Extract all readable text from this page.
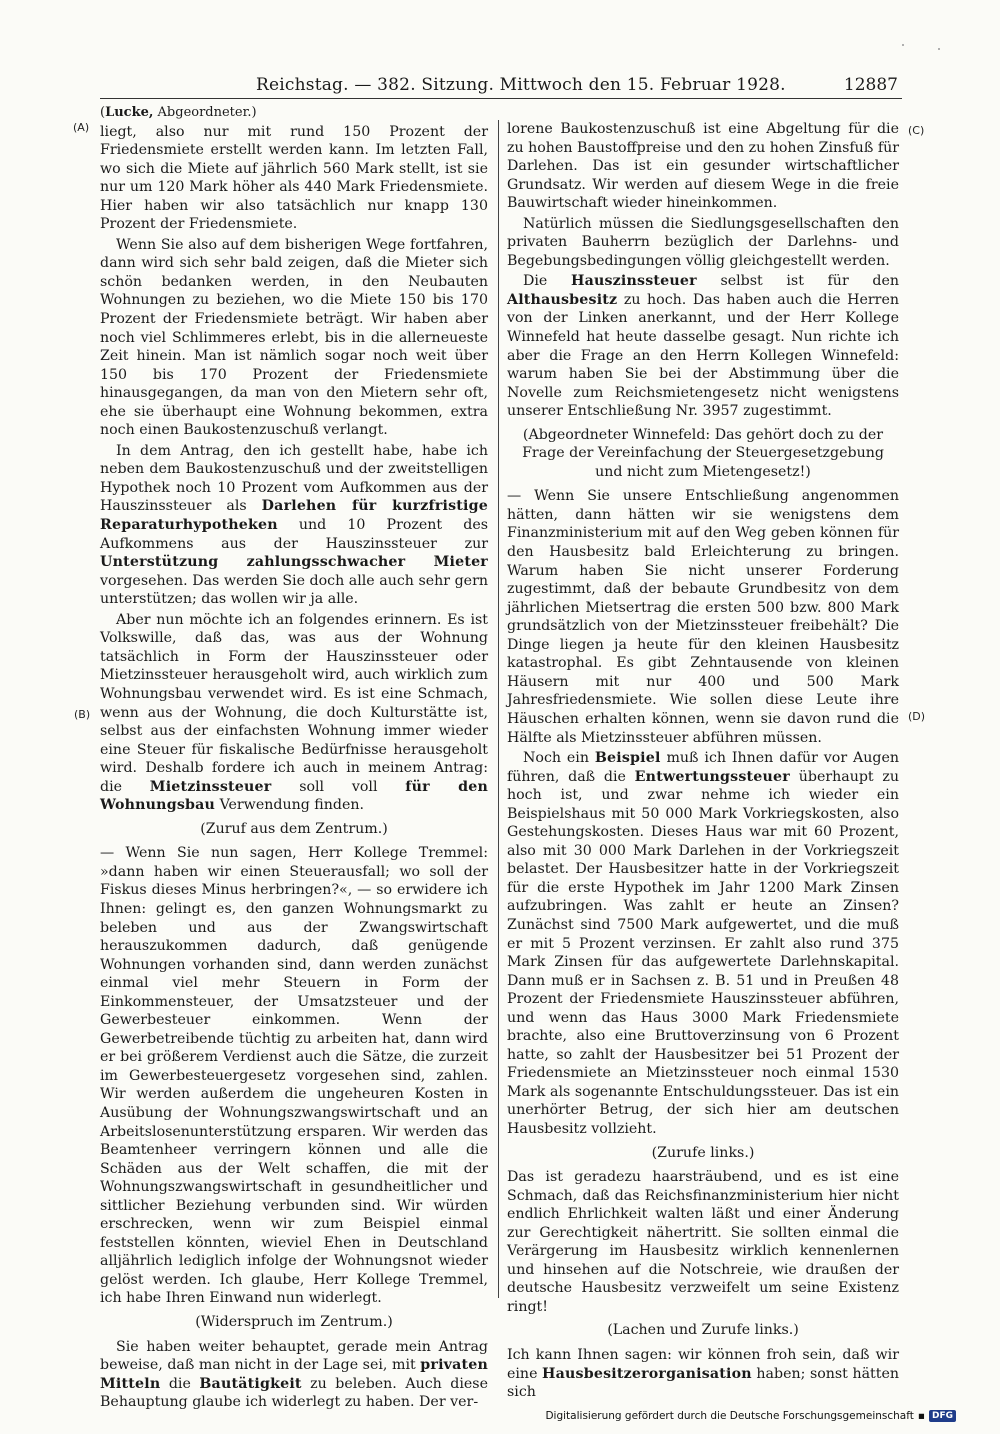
Reichstag. — 382. Sitzung. Mittwoch den 15. Februar 1928.	12887
(A)
(B)
(C)
(D)

(Lucke, Abgeordneter.)

liegt, also nur mit rund 150 Prozent der Friedensmiete erstellt werden kann. Im letzten Fall, wo sich die Miete auf jährlich 560 Mark stellt, ist sie nur um 120 Mark höher als 440 Mark Friedensmiete. Hier haben wir also tatsächlich nur knapp 130 Prozent der Friedensmiete.

Wenn Sie also auf dem bisherigen Wege fortfahren, dann wird sich sehr bald zeigen, daß die Mieter sich schön bedanken werden, in den Neubauten Wohnungen zu beziehen, wo die Miete 150 bis 170 Prozent der Friedensmiete beträgt. Wir haben aber noch viel Schlimmeres erlebt, bis in die allerneueste Zeit hinein. Man ist nämlich sogar noch weit über 150 bis 170 Prozent der Friedensmiete hinausgegangen, da man von den Mietern sehr oft, ehe sie überhaupt eine Wohnung bekommen, extra noch einen Baukostenzuschuß verlangt.

In dem Antrag, den ich gestellt habe, habe ich neben dem Baukostenzuschuß und der zweitstelligen Hypothek noch 10 Prozent vom Aufkommen aus der Hauszinssteuer als Darlehen für kurzfristige Reparaturhypotheken und 10 Prozent des Aufkommens aus der Hauszinssteuer zur Unterstützung zahlungsschwacher Mieter vorgesehen. Das werden Sie doch alle auch sehr gern unterstützen; das wollen wir ja alle.

Aber nun möchte ich an folgendes erinnern. Es ist Volkswille, daß das, was aus der Wohnung tatsächlich in Form der Hauszinssteuer oder Mietzinssteuer herausgeholt wird, auch wirklich zum Wohnungsbau verwendet wird. Es ist eine Schmach, wenn aus der Wohnung, die doch Kulturstätte ist, selbst aus der einfachsten Wohnung immer wieder eine Steuer für fiskalische Bedürfnisse herausgeholt wird. Deshalb fordere ich auch in meinem Antrag: die Mietzinssteuer soll voll für den Wohnungsbau Verwendung finden.

(Zuruf aus dem Zentrum.)

— Wenn Sie nun sagen, Herr Kollege Tremmel: »dann haben wir einen Steuerausfall; wo soll der Fiskus dieses Minus herbringen?«, — so erwidere ich Ihnen: gelingt es, den ganzen Wohnungsmarkt zu beleben und aus der Zwangswirtschaft herauszukommen dadurch, daß genügende Wohnungen vorhanden sind, dann werden zunächst einmal viel mehr Steuern in Form der Einkommensteuer, der Umsatzsteuer und der Gewerbesteuer einkommen. Wenn der Gewerbetreibende tüchtig zu arbeiten hat, dann wird er bei größerem Verdienst auch die Sätze, die zurzeit im Gewerbesteuergesetz vorgesehen sind, zahlen. Wir werden außerdem die ungeheuren Kosten in Ausübung der Wohnungszwangswirtschaft und an Arbeitslosenunterstützung ersparen. Wir werden das Beamtenheer verringern können und alle die Schäden aus der Welt schaffen, die mit der Wohnungszwangswirtschaft in gesundheitlicher und sittlicher Beziehung verbunden sind. Wir würden erschrecken, wenn wir zum Beispiel einmal feststellen könnten, wieviel Ehen in Deutschland alljährlich lediglich infolge der Wohnungsnot wieder gelöst werden. Ich glaube, Herr Kollege Tremmel, ich habe Ihren Einwand nun widerlegt.

(Widerspruch im Zentrum.)

Sie haben weiter behauptet, gerade mein Antrag beweise, daß man nicht in der Lage sei, mit privaten Mitteln die Bautätigkeit zu beleben. Auch diese Behauptung glaube ich widerlegt zu haben. Der ver-

lorene Baukostenzuschuß ist eine Abgeltung für die zu hohen Baustoffpreise und den zu hohen Zinsfuß für Darlehen. Das ist ein gesunder wirtschaftlicher Grundsatz. Wir werden auf diesem Wege in die freie Bauwirtschaft wieder hineinkommen.

Natürlich müssen die Siedlungsgesellschaften den privaten Bauherrn bezüglich der Darlehns- und Begebungsbedingungen völlig gleichgestellt werden.

Die Hauszinssteuer selbst ist für den Althausbesitz zu hoch. Das haben auch die Herren von der Linken anerkannt, und der Herr Kollege Winnefeld hat heute dasselbe gesagt. Nun richte ich aber die Frage an den Herrn Kollegen Winnefeld: warum haben Sie bei der Abstimmung über die Novelle zum Reichsmietengesetz nicht wenigstens unserer Entschließung Nr. 3957 zugestimmt.

(Abgeordneter Winnefeld: Das gehört doch zu der Frage der Vereinfachung der Steuergesetzgebung und nicht zum Mietengesetz!)

— Wenn Sie unsere Entschließung angenommen hätten, dann hätten wir sie wenigstens dem Finanzministerium mit auf den Weg geben können für den Hausbesitz bald Erleichterung zu bringen. Warum haben Sie nicht unserer Forderung zugestimmt, daß der bebaute Grundbesitz von dem jährlichen Mietsertrag die ersten 500 bzw. 800 Mark grundsätzlich von der Mietzinssteuer freibehält? Die Dinge liegen ja heute für den kleinen Hausbesitz katastrophal. Es gibt Zehntausende von kleinen Häusern mit nur 400 und 500 Mark Jahresfriedensmiete. Wie sollen diese Leute ihre Häuschen erhalten können, wenn sie davon rund die Hälfte als Mietzinssteuer abführen müssen.

Noch ein Beispiel muß ich Ihnen dafür vor Augen führen, daß die Entwertungssteuer überhaupt zu hoch ist, und zwar nehme ich wieder ein Beispielshaus mit 50 000 Mark Vorkriegskosten, also Gestehungskosten. Dieses Haus war mit 60 Prozent, also mit 30 000 Mark Darlehen in der Vorkriegszeit belastet. Der Hausbesitzer hatte in der Vorkriegszeit für die erste Hypothek im Jahr 1200 Mark Zinsen aufzubringen. Was zahlt er heute an Zinsen? Zunächst sind 7500 Mark aufgewertet, und die muß er mit 5 Prozent verzinsen. Er zahlt also rund 375 Mark Zinsen für das aufgewertete Darlehnskapital. Dann muß er in Sachsen z. B. 51 und in Preußen 48 Prozent der Friedensmiete Hauszinssteuer abführen, und wenn das Haus 3000 Mark Friedensmiete brachte, also eine Bruttoverzinsung von 6 Prozent hatte, so zahlt der Hausbesitzer bei 51 Prozent der Friedensmiete an Mietzinssteuer noch einmal 1530 Mark als sogenannte Entschuldungssteuer. Das ist ein unerhörter Betrug, der sich hier am deutschen Hausbesitz vollzieht.

(Zurufe links.)

Das ist geradezu haarsträubend, und es ist eine Schmach, daß das Reichsfinanzministerium hier nicht endlich Ehrlichkeit walten läßt und einer Änderung zur Gerechtigkeit nähertritt. Sie sollten einmal die Verärgerung im Hausbesitz wirklich kennenlernen und hinsehen auf die Notschreie, wie draußen der deutsche Hausbesitz verzweifelt um seine Existenz ringt!

(Lachen und Zurufe links.)

Ich kann Ihnen sagen: wir können froh sein, daß wir eine Hausbesitzerorganisation haben; sonst hätten sich

Digitalisierung gefördert durch die Deutsche Forschungsgemeinschaft ▪ DFG
